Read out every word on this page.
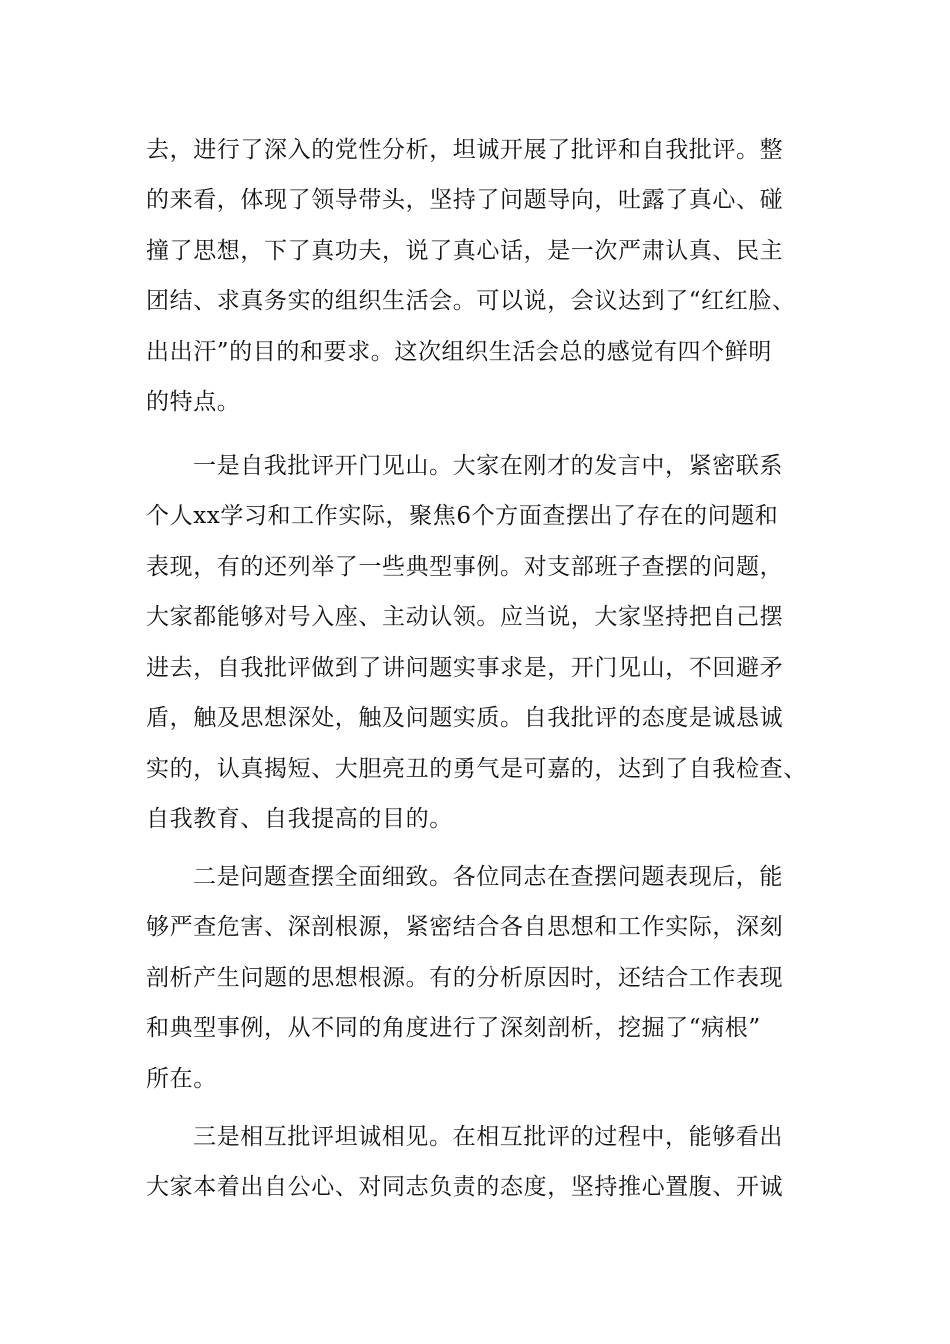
去，进行了深入的党性分析，坦诚开展了批评和自我批评。整
的来看，体现了领导带头，坚持了问题导向，吐露了真心、碰
撞了思想，下了真功夫，说了真心话，是一次严肃认真、民主
团结、求真务实的组织生活会。可以说，会议达到了“红红脸、
出出汗”的目的和要求。这次组织生活会总的感觉有四个鲜明
的特点。
一是自我批评开门见山。大家在刚才的发言中，紧密联系
个人xx学习和工作实际，聚焦6个方面查摆出了存在的问题和
表现，有的还列举了一些典型事例。对支部班子查摆的问题，
大家都能够对号入座、主动认领。应当说，大家坚持把自己摆
进去，自我批评做到了讲问题实事求是，开门见山，不回避矛
盾，触及思想深处，触及问题实质。自我批评的态度是诚恳诚
实的，认真揭短、大胆亮丑的勇气是可嘉的，达到了自我检查、
自我教育、自我提高的目的。
二是问题查摆全面细致。各位同志在查摆问题表现后，能
够严查危害、深剖根源，紧密结合各自思想和工作实际，深刻
剖析产生问题的思想根源。有的分析原因时，还结合工作表现
和典型事例，从不同的角度进行了深刻剖析，挖掘了“病根”
所在。
三是相互批评坦诚相见。在相互批评的过程中，能够看出
大家本着出自公心、对同志负责的态度，坚持推心置腹、开诚
